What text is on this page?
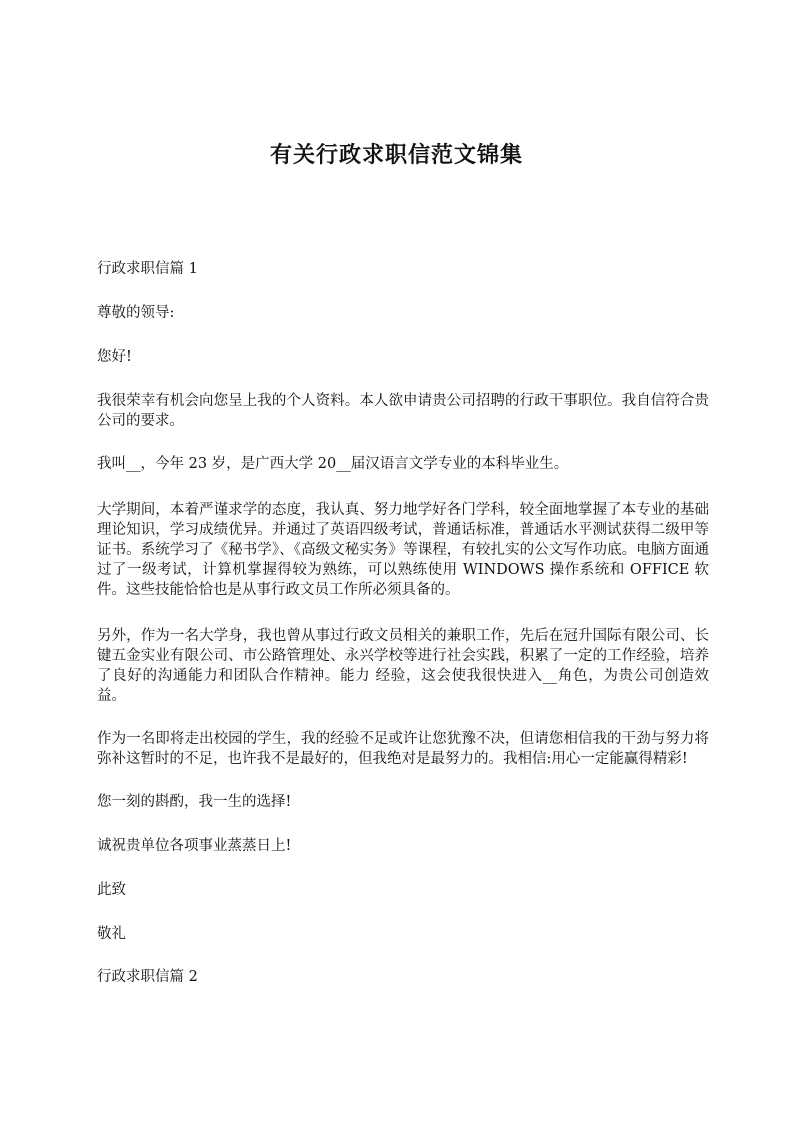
有关行政求职信范文锦集

行政求职信篇 1

尊敬的领导:

您好!

我很荣幸有机会向您呈上我的个人资料。本人欲申请贵公司招聘的行政干事职位。我自信符合贵公司的要求。

我叫__，今年 23 岁，是广西大学 20__届汉语言文学专业的本科毕业生。

大学期间，本着严谨求学的态度，我认真、努力地学好各门学科，较全面地掌握了本专业的基础理论知识，学习成绩优异。并通过了英语四级考试，普通话标准，普通话水平测试获得二级甲等证书。系统学习了《秘书学》、《高级文秘实务》等课程，有较扎实的公文写作功底。电脑方面通过了一级考试，计算机掌握得较为熟练，可以熟练使用 WINDOWS 操作系统和 OFFICE 软件。这些技能恰恰也是从事行政文员工作所必须具备的。

另外，作为一名大学身，我也曾从事过行政文员相关的兼职工作，先后在冠升国际有限公司、长键五金实业有限公司、市公路管理处、永兴学校等进行社会实践，积累了一定的工作经验，培养了良好的沟通能力和团队合作精神。能力 经验，这会使我很快进入__角色，为贵公司创造效益。

作为一名即将走出校园的学生，我的经验不足或许让您犹豫不决，但请您相信我的干劲与努力将弥补这暂时的不足，也许我不是最好的，但我绝对是最努力的。我相信:用心一定能赢得精彩!

您一刻的斟酌，我一生的选择!

诚祝贵单位各项事业蒸蒸日上!

此致

敬礼

行政求职信篇 2
